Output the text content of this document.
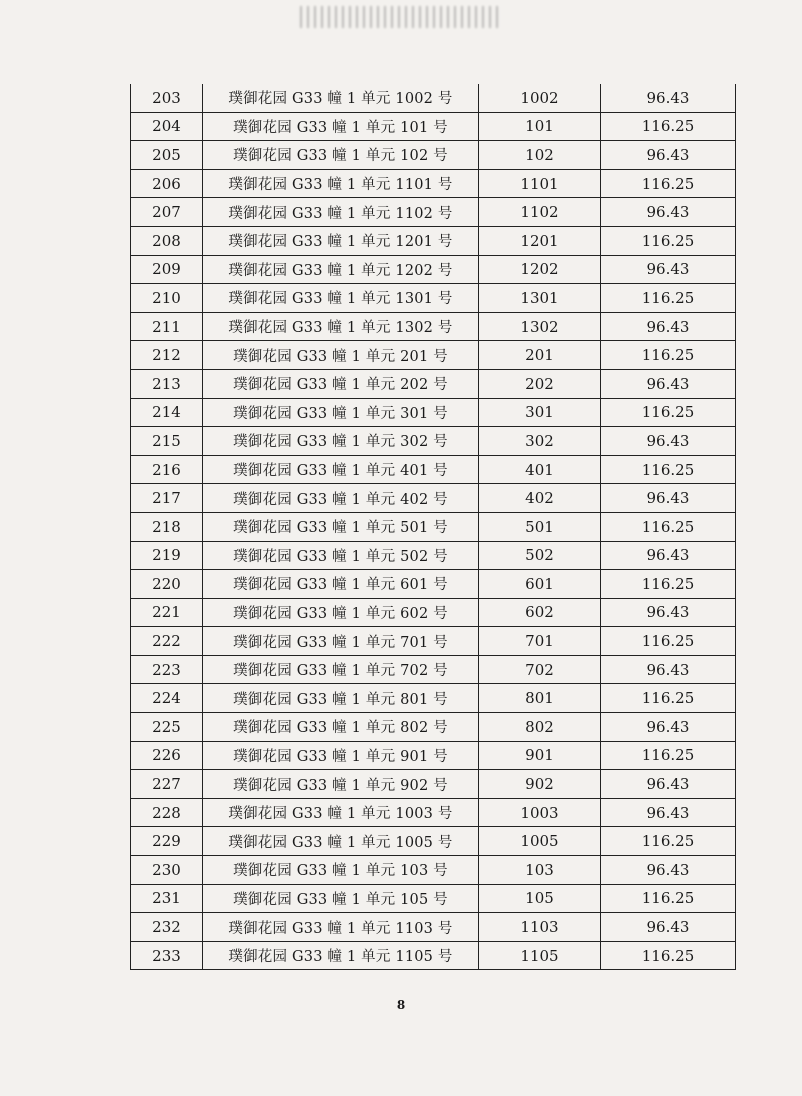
203	璞御花园 G33 幢 1 单元 1002 号	1002	96.43
204	璞御花园 G33 幢 1 单元 101 号	101	116.25
205	璞御花园 G33 幢 1 单元 102 号	102	96.43
206	璞御花园 G33 幢 1 单元 1101 号	1101	116.25
207	璞御花园 G33 幢 1 单元 1102 号	1102	96.43
208	璞御花园 G33 幢 1 单元 1201 号	1201	116.25
209	璞御花园 G33 幢 1 单元 1202 号	1202	96.43
210	璞御花园 G33 幢 1 单元 1301 号	1301	116.25
211	璞御花园 G33 幢 1 单元 1302 号	1302	96.43
212	璞御花园 G33 幢 1 单元 201 号	201	116.25
213	璞御花园 G33 幢 1 单元 202 号	202	96.43
214	璞御花园 G33 幢 1 单元 301 号	301	116.25
215	璞御花园 G33 幢 1 单元 302 号	302	96.43
216	璞御花园 G33 幢 1 单元 401 号	401	116.25
217	璞御花园 G33 幢 1 单元 402 号	402	96.43
218	璞御花园 G33 幢 1 单元 501 号	501	116.25
219	璞御花园 G33 幢 1 单元 502 号	502	96.43
220	璞御花园 G33 幢 1 单元 601 号	601	116.25
221	璞御花园 G33 幢 1 单元 602 号	602	96.43
222	璞御花园 G33 幢 1 单元 701 号	701	116.25
223	璞御花园 G33 幢 1 单元 702 号	702	96.43
224	璞御花园 G33 幢 1 单元 801 号	801	116.25
225	璞御花园 G33 幢 1 单元 802 号	802	96.43
226	璞御花园 G33 幢 1 单元 901 号	901	116.25
227	璞御花园 G33 幢 1 单元 902 号	902	96.43
228	璞御花园 G33 幢 1 单元 1003 号	1003	96.43
229	璞御花园 G33 幢 1 单元 1005 号	1005	116.25
230	璞御花园 G33 幢 1 单元 103 号	103	96.43
231	璞御花园 G33 幢 1 单元 105 号	105	116.25
232	璞御花园 G33 幢 1 单元 1103 号	1103	96.43
233	璞御花园 G33 幢 1 单元 1105 号	1105	116.25
8
